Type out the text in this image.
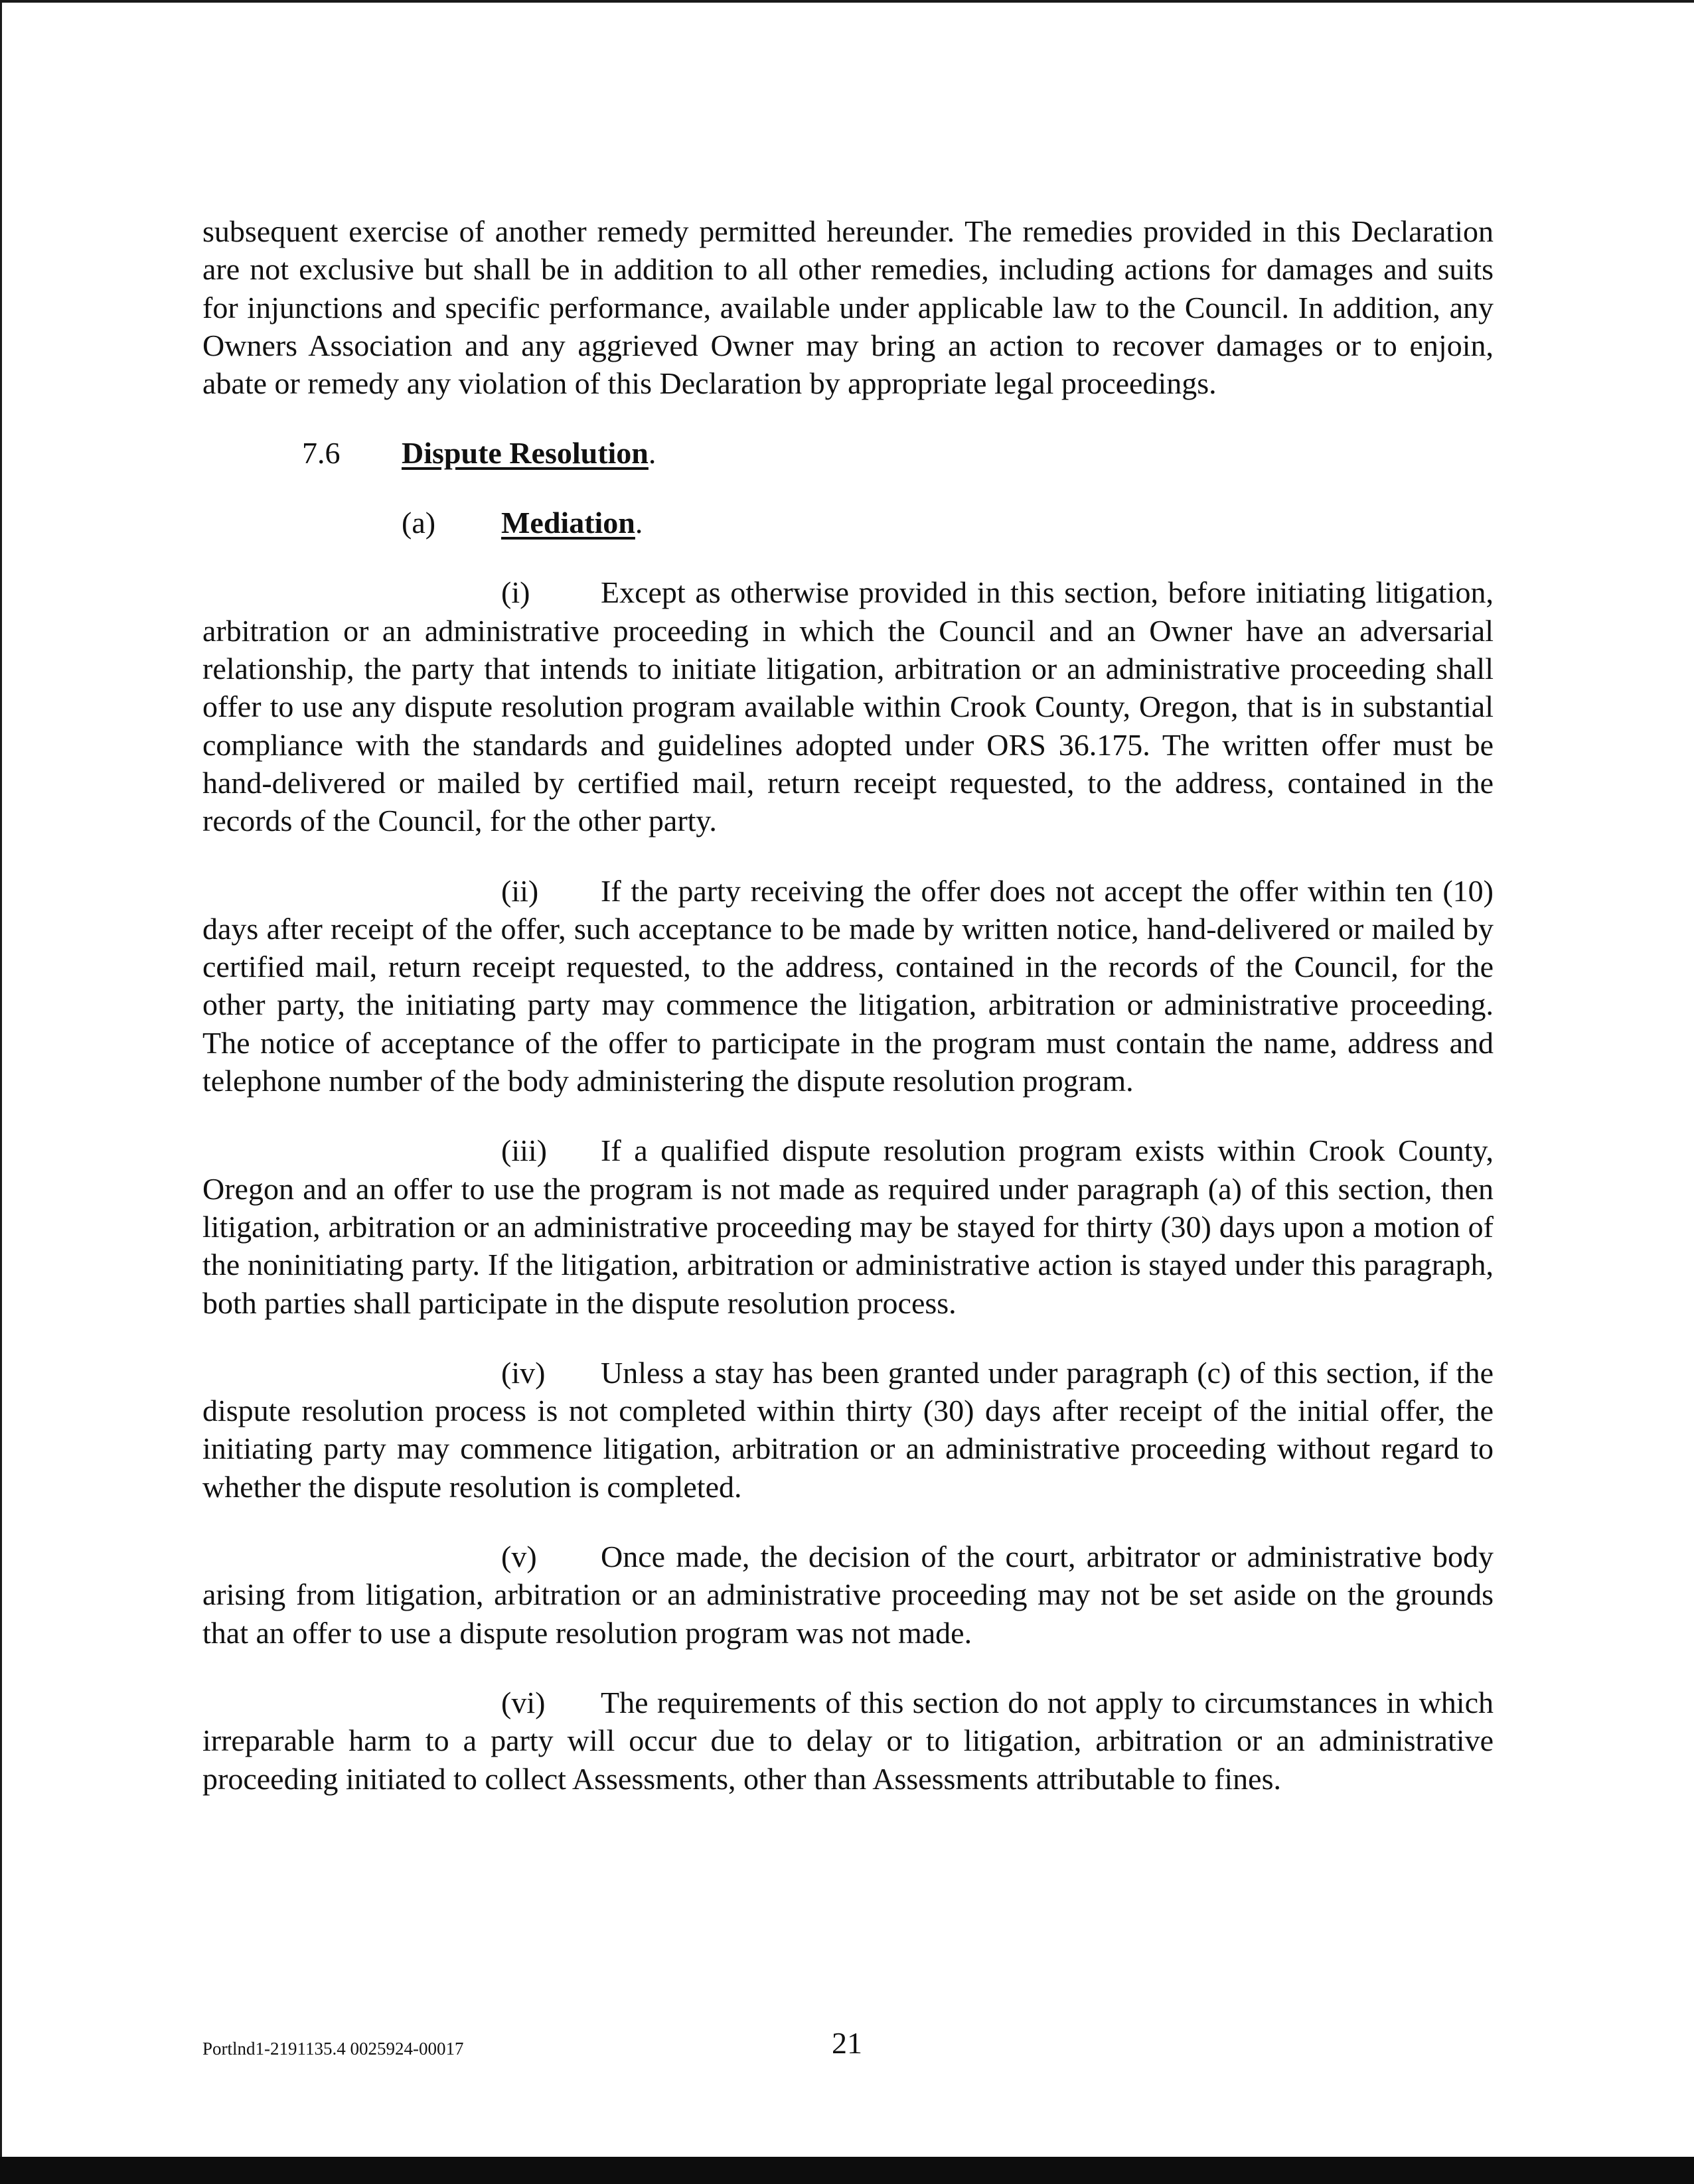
subsequent exercise of another remedy permitted hereunder. The remedies provided in this Declaration are not exclusive but shall be in addition to all other remedies, including actions for damages and suits for injunctions and specific performance, available under applicable law to the Council. In addition, any Owners Association and any aggrieved Owner may bring an action to recover damages or to enjoin, abate or remedy any violation of this Declaration by appropriate legal proceedings.

7.6 Dispute Resolution.

(a) Mediation.

(i) Except as otherwise provided in this section, before initiating litigation, arbitration or an administrative proceeding in which the Council and an Owner have an adversarial relationship, the party that intends to initiate litigation, arbitration or an administrative proceeding shall offer to use any dispute resolution program available within Crook County, Oregon, that is in substantial compliance with the standards and guidelines adopted under ORS 36.175. The written offer must be hand-delivered or mailed by certified mail, return receipt requested, to the address, contained in the records of the Council, for the other party.

(ii) If the party receiving the offer does not accept the offer within ten (10) days after receipt of the offer, such acceptance to be made by written notice, hand-delivered or mailed by certified mail, return receipt requested, to the address, contained in the records of the Council, for the other party, the initiating party may commence the litigation, arbitration or administrative proceeding. The notice of acceptance of the offer to participate in the program must contain the name, address and telephone number of the body administering the dispute resolution program.

(iii) If a qualified dispute resolution program exists within Crook County, Oregon and an offer to use the program is not made as required under paragraph (a) of this section, then litigation, arbitration or an administrative proceeding may be stayed for thirty (30) days upon a motion of the noninitiating party. If the litigation, arbitration or administrative action is stayed under this paragraph, both parties shall participate in the dispute resolution process.

(iv) Unless a stay has been granted under paragraph (c) of this section, if the dispute resolution process is not completed within thirty (30) days after receipt of the initial offer, the initiating party may commence litigation, arbitration or an administrative proceeding without regard to whether the dispute resolution is completed.

(v) Once made, the decision of the court, arbitrator or administrative body arising from litigation, arbitration or an administrative proceeding may not be set aside on the grounds that an offer to use a dispute resolution program was not made.

(vi) The requirements of this section do not apply to circumstances in which irreparable harm to a party will occur due to delay or to litigation, arbitration or an administrative proceeding initiated to collect Assessments, other than Assessments attributable to fines.

Portlnd1-2191135.4 0025924-00017	21
